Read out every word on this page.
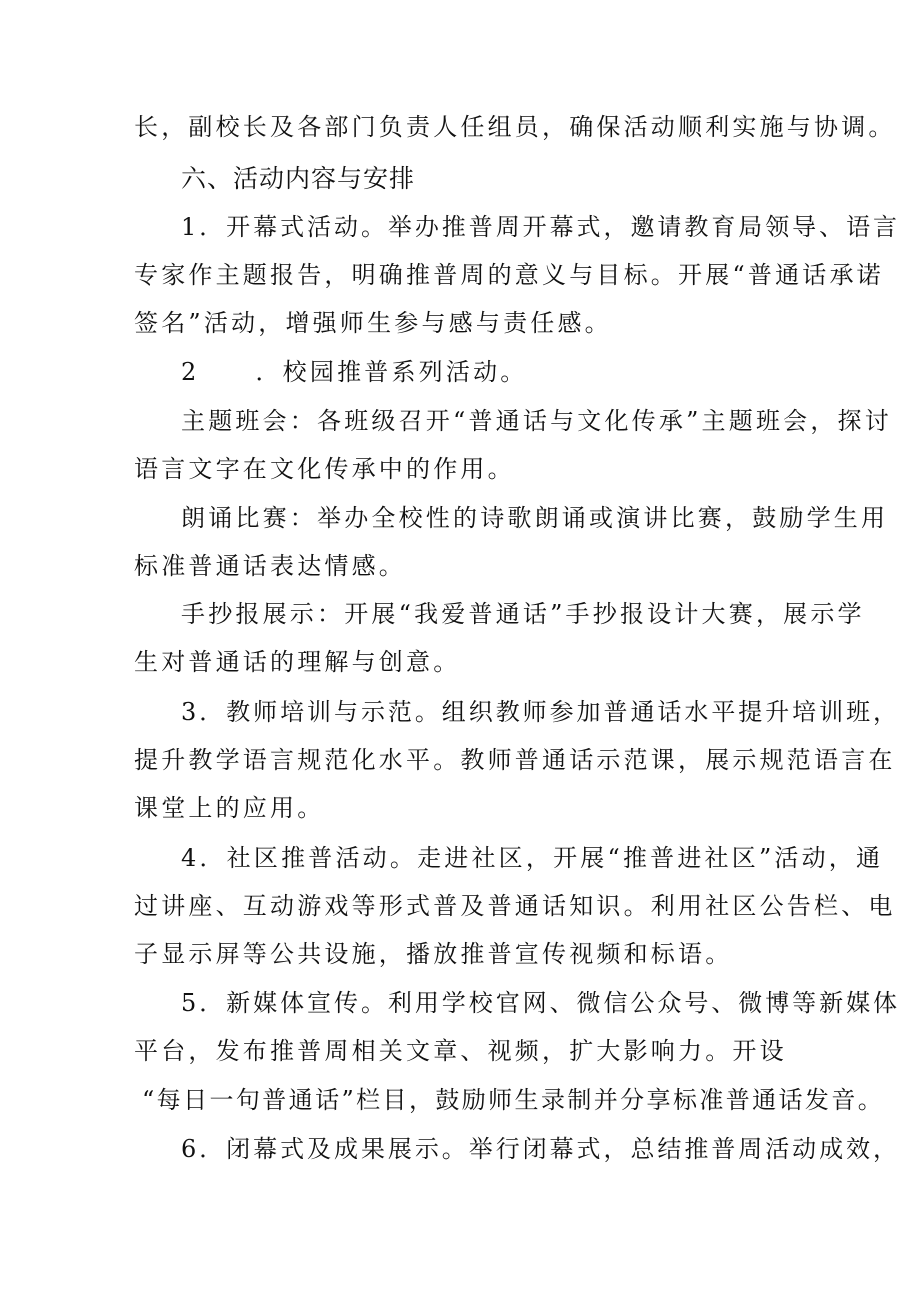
长，副校长及各部门负责人任组员，确保活动顺利实施与协调。
六、活动内容与安排
1．开幕式活动。举办推普周开幕式，邀请教育局领导、语言
专家作主题报告，明确推普周的意义与目标。开展“普通话承诺
签名”活动，增强师生参与感与责任感。
2 ．校园推普系列活动。
主题班会：各班级召开“普通话与文化传承”主题班会，探讨
语言文字在文化传承中的作用。
朗诵比赛：举办全校性的诗歌朗诵或演讲比赛，鼓励学生用
标准普通话表达情感。
手抄报展示：开展“我爱普通话”手抄报设计大赛，展示学
生对普通话的理解与创意。
3．教师培训与示范。组织教师参加普通话水平提升培训班，
提升教学语言规范化水平。教师普通话示范课，展示规范语言在
课堂上的应用。
4．社区推普活动。走进社区，开展“推普进社区”活动，通
过讲座、互动游戏等形式普及普通话知识。利用社区公告栏、电
子显示屏等公共设施，播放推普宣传视频和标语。
5．新媒体宣传。利用学校官网、微信公众号、微博等新媒体
平台，发布推普周相关文章、视频，扩大影响力。开设
“每日一句普通话”栏目，鼓励师生录制并分享标准普通话发音。
6．闭幕式及成果展示。举行闭幕式，总结推普周活动成效，
